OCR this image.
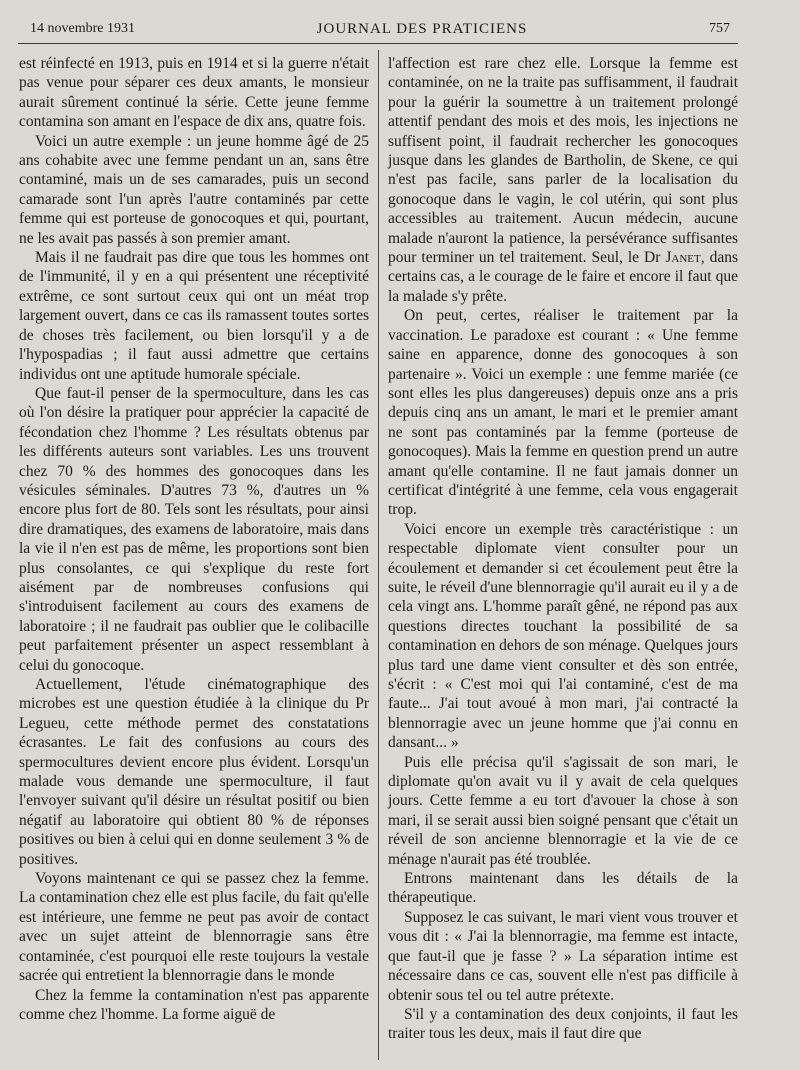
14 novembre 1931	JOURNAL DES PRATICIENS	757

est réinfecté en 1913, puis en 1914 et si la guerre n'était pas venue pour séparer ces deux amants, le monsieur aurait sûrement continué la série. Cette jeune femme contamina son amant en l'espace de dix ans, quatre fois.

Voici un autre exemple : un jeune homme âgé de 25 ans cohabite avec une femme pendant un an, sans être contaminé, mais un de ses camarades, puis un second camarade sont l'un après l'autre contaminés par cette femme qui est porteuse de gonocoques et qui, pourtant, ne les avait pas passés à son premier amant.

Mais il ne faudrait pas dire que tous les hommes ont de l'immunité, il y en a qui présentent une réceptivité extrême, ce sont surtout ceux qui ont un méat trop largement ouvert, dans ce cas ils ramassent toutes sortes de choses très facilement, ou bien lorsqu'il y a de l'hypospadias ; il faut aussi admettre que certains individus ont une aptitude humorale spéciale.

Que faut-il penser de la spermoculture, dans les cas où l'on désire la pratiquer pour apprécier la capacité de fécondation chez l'homme ? Les résultats obtenus par les différents auteurs sont variables. Les uns trouvent chez 70 % des hommes des gonocoques dans les vésicules séminales. D'autres 73 %, d'autres un % encore plus fort de 80. Tels sont les résultats, pour ainsi dire dramatiques, des examens de laboratoire, mais dans la vie il n'en est pas de même, les proportions sont bien plus consolantes, ce qui s'explique du reste fort aisément par de nombreuses confusions qui s'introduisent facilement au cours des examens de laboratoire ; il ne faudrait pas oublier que le colibacille peut parfaitement présenter un aspect ressemblant à celui du gonocoque.

Actuellement, l'étude cinématographique des microbes est une question étudiée à la clinique du Pr Legueu, cette méthode permet des constatations écrasantes. Le fait des confusions au cours des spermocultures devient encore plus évident. Lorsqu'un malade vous demande une spermoculture, il faut l'envoyer suivant qu'il désire un résultat positif ou bien négatif au laboratoire qui obtient 80 % de réponses positives ou bien à celui qui en donne seulement 3 % de positives.

Voyons maintenant ce qui se passez chez la femme. La contamination chez elle est plus facile, du fait qu'elle est intérieure, une femme ne peut pas avoir de contact avec un sujet atteint de blennorragie sans être contaminée, c'est pourquoi elle reste toujours la vestale sacrée qui entretient la blennorragie dans le monde

Chez la femme la contamination n'est pas apparente comme chez l'homme. La forme aiguë de

l'affection est rare chez elle. Lorsque la femme est contaminée, on ne la traite pas suffisamment, il faudrait pour la guérir la soumettre à un traitement prolongé attentif pendant des mois et des mois, les injections ne suffisent point, il faudrait rechercher les gonocoques jusque dans les glandes de Bartholin, de Skene, ce qui n'est pas facile, sans parler de la localisation du gonocoque dans le vagin, le col utérin, qui sont plus accessibles au traitement. Aucun médecin, aucune malade n'auront la patience, la persévérance suffisantes pour terminer un tel traitement. Seul, le Dr Janet, dans certains cas, a le courage de le faire et encore il faut que la malade s'y prête.

On peut, certes, réaliser le traitement par la vaccination. Le paradoxe est courant : « Une femme saine en apparence, donne des gonocoques à son partenaire ». Voici un exemple : une femme mariée (ce sont elles les plus dangereuses) depuis onze ans a pris depuis cinq ans un amant, le mari et le premier amant ne sont pas contaminés par la femme (porteuse de gonocoques). Mais la femme en question prend un autre amant qu'elle contamine. Il ne faut jamais donner un certificat d'intégrité à une femme, cela vous engagerait trop.

Voici encore un exemple très caractéristique : un respectable diplomate vient consulter pour un écoulement et demander si cet écoulement peut être la suite, le réveil d'une blennorragie qu'il aurait eu il y a de cela vingt ans. L'homme paraît gêné, ne répond pas aux questions directes touchant la possibilité de sa contamination en dehors de son ménage. Quelques jours plus tard une dame vient consulter et dès son entrée, s'écrit : « C'est moi qui l'ai contaminé, c'est de ma faute... J'ai tout avoué à mon mari, j'ai contracté la blennorragie avec un jeune homme que j'ai connu en dansant... »

Puis elle précisa qu'il s'agissait de son mari, le diplomate qu'on avait vu il y avait de cela quelques jours. Cette femme a eu tort d'avouer la chose à son mari, il se serait aussi bien soigné pensant que c'était un réveil de son ancienne blennorragie et la vie de ce ménage n'aurait pas été troublée.

Entrons maintenant dans les détails de la thérapeutique.

Supposez le cas suivant, le mari vient vous trouver et vous dit : « J'ai la blennorragie, ma femme est intacte, que faut-il que je fasse ? » La séparation intime est nécessaire dans ce cas, souvent elle n'est pas difficile à obtenir sous tel ou tel autre prétexte.

S'il y a contamination des deux conjoints, il faut les traiter tous les deux, mais il faut dire que
